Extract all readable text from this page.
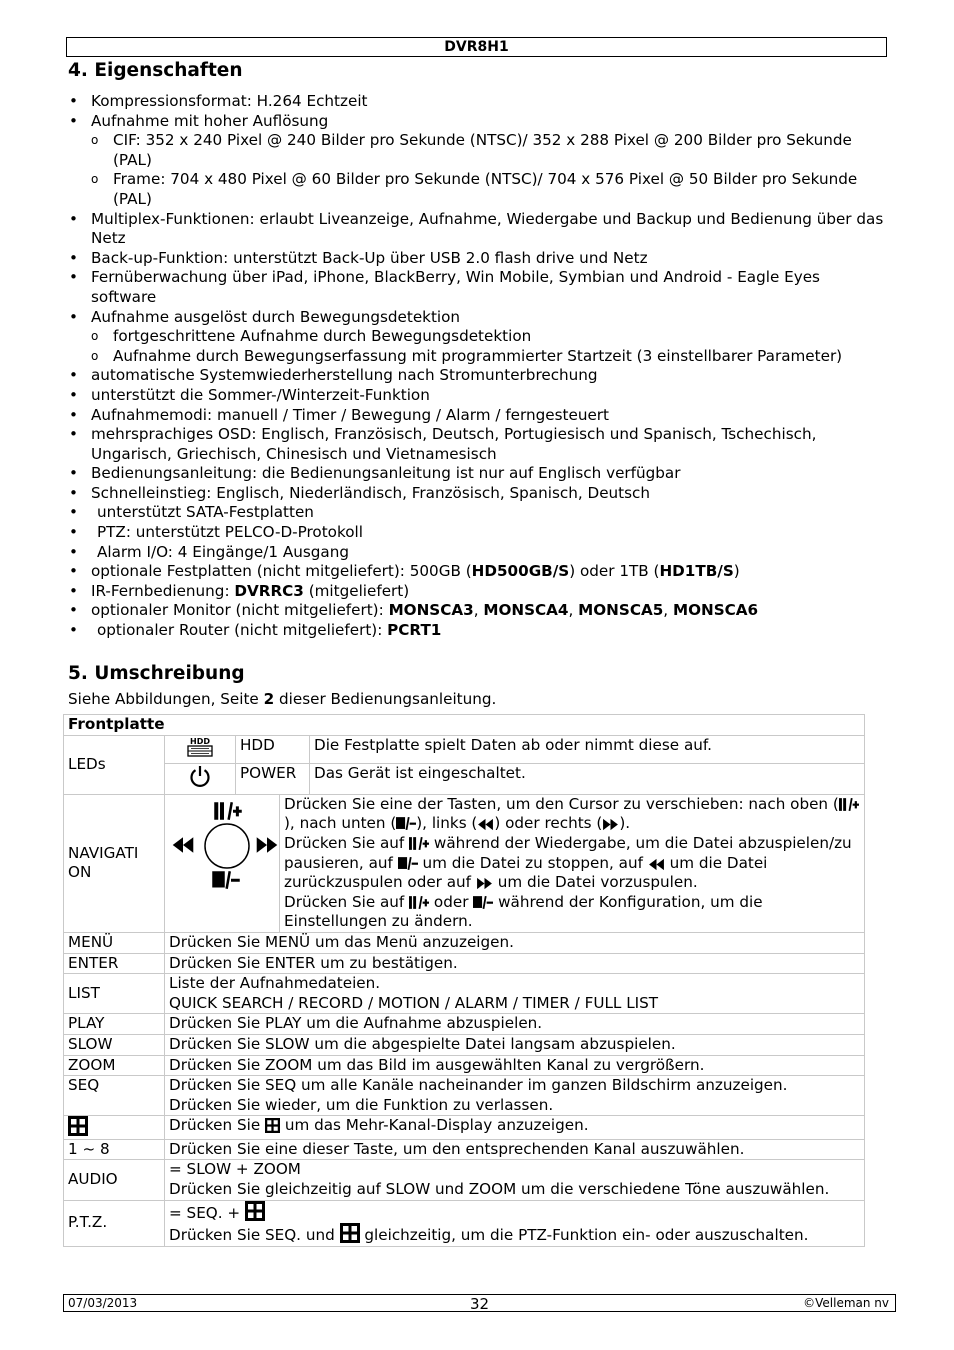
DVR8H1
4. Eigenschaften
• Kompressionsformat: H.264 Echtzeit
• Aufnahme mit hoher Auflösung
o CIF: 352 x 240 Pixel @ 240 Bilder pro Sekunde (NTSC)/ 352 x 288 Pixel @ 200 Bilder pro Sekunde (PAL)
o Frame: 704 x 480 Pixel @ 60 Bilder pro Sekunde (NTSC)/ 704 x 576 Pixel @ 50 Bilder pro Sekunde (PAL)
• Multiplex-Funktionen: erlaubt Liveanzeige, Aufnahme, Wiedergabe und Backup und Bedienung über das Netz
• Back-up-Funktion: unterstützt Back-Up über USB 2.0 flash drive und Netz
• Fernüberwachung über iPad, iPhone, BlackBerry, Win Mobile, Symbian und Android - Eagle Eyes software
• Aufnahme ausgelöst durch Bewegungsdetektion
o fortgeschrittene Aufnahme durch Bewegungsdetektion
o Aufnahme durch Bewegungserfassung mit programmierter Startzeit (3 einstellbarer Parameter)
• automatische Systemwiederherstellung nach Stromunterbrechung
• unterstützt die Sommer-/Winterzeit-Funktion
• Aufnahmemodi: manuell / Timer / Bewegung / Alarm / ferngesteuert
• mehrsprachiges OSD: Englisch, Französisch, Deutsch, Portugiesisch und Spanisch, Tschechisch, Ungarisch, Griechisch, Chinesisch und Vietnamesisch
• Bedienungsanleitung: die Bedienungsanleitung ist nur auf Englisch verfügbar
• Schnelleinstieg: Englisch, Niederländisch, Französisch, Spanisch, Deutsch
• unterstützt SATA-Festplatten
• PTZ: unterstützt PELCO-D-Protokoll
• Alarm I/O: 4 Eingänge/1 Ausgang
• optionale Festplatten (nicht mitgeliefert): 500GB (HD500GB/S) oder 1TB (HD1TB/S)
• IR-Fernbedienung: DVRRC3 (mitgeliefert)
• optionaler Monitor (nicht mitgeliefert): MONSCA3, MONSCA4, MONSCA5, MONSCA6
• optionaler Router (nicht mitgeliefert): PCRT1
5. Umschreibung
Siehe Abbildungen, Seite 2 dieser Bedienungsanleitung.
Frontplatte				
LEDs	HDD	HDD		Die Festplatte spielt Daten ab oder nimmt diese auf.
	POWER		Das Gerät ist eingeschaltet.
NAVIGATI ON			Drücken Sie eine der Tasten, um den Cursor zu verschieben: nach oben (), nach unten ( ), links ( ) oder rechts ( ).
Drücken Sie auf  während der Wiedergabe, um die Datei abzuspielen/zu pausieren, auf  um die Datei zu stoppen, auf  um die Datei zurückzuspulen oder auf  um die Datei vorzuspulen.
Drücken Sie auf  oder  während der Konfiguration, um die Einstellungen zu ändern.	
MENÜ	Drücken Sie MENÜ um das Menü anzuzeigen.			
ENTER	Drücken Sie ENTER um zu bestätigen.			
LIST	Liste der Aufnahmedateien.
QUICK SEARCH / RECORD / MOTION / ALARM / TIMER / FULL LIST			
PLAY	Drücken Sie PLAY um die Aufnahme abzuspielen.			
SLOW	Drücken Sie SLOW um die abgespielte Datei langsam abzuspielen.			
ZOOM	Drücken Sie ZOOM um das Bild im ausgewählten Kanal zu vergrößern.			
SEQ	Drücken Sie SEQ um alle Kanäle nacheinander im ganzen Bildschirm anzuzeigen.
Drücken Sie wieder, um die Funktion zu verlassen.			
	Drücken Sie  um das Mehr-Kanal-Display anzuzeigen.			
1 ~ 8	Drücken Sie eine dieser Taste, um den entsprechenden Kanal auszuwählen.			
AUDIO	= SLOW + ZOOM
Drücken Sie gleichzeitig auf SLOW und ZOOM um die verschiedene Töne auszuwählen.			
P.T.Z.	= SEQ. +
Drücken Sie SEQ. und  gleichzeitig, um die PTZ-Funktion ein- oder auszuschalten.			
32
07/03/2013	©Velleman nv
